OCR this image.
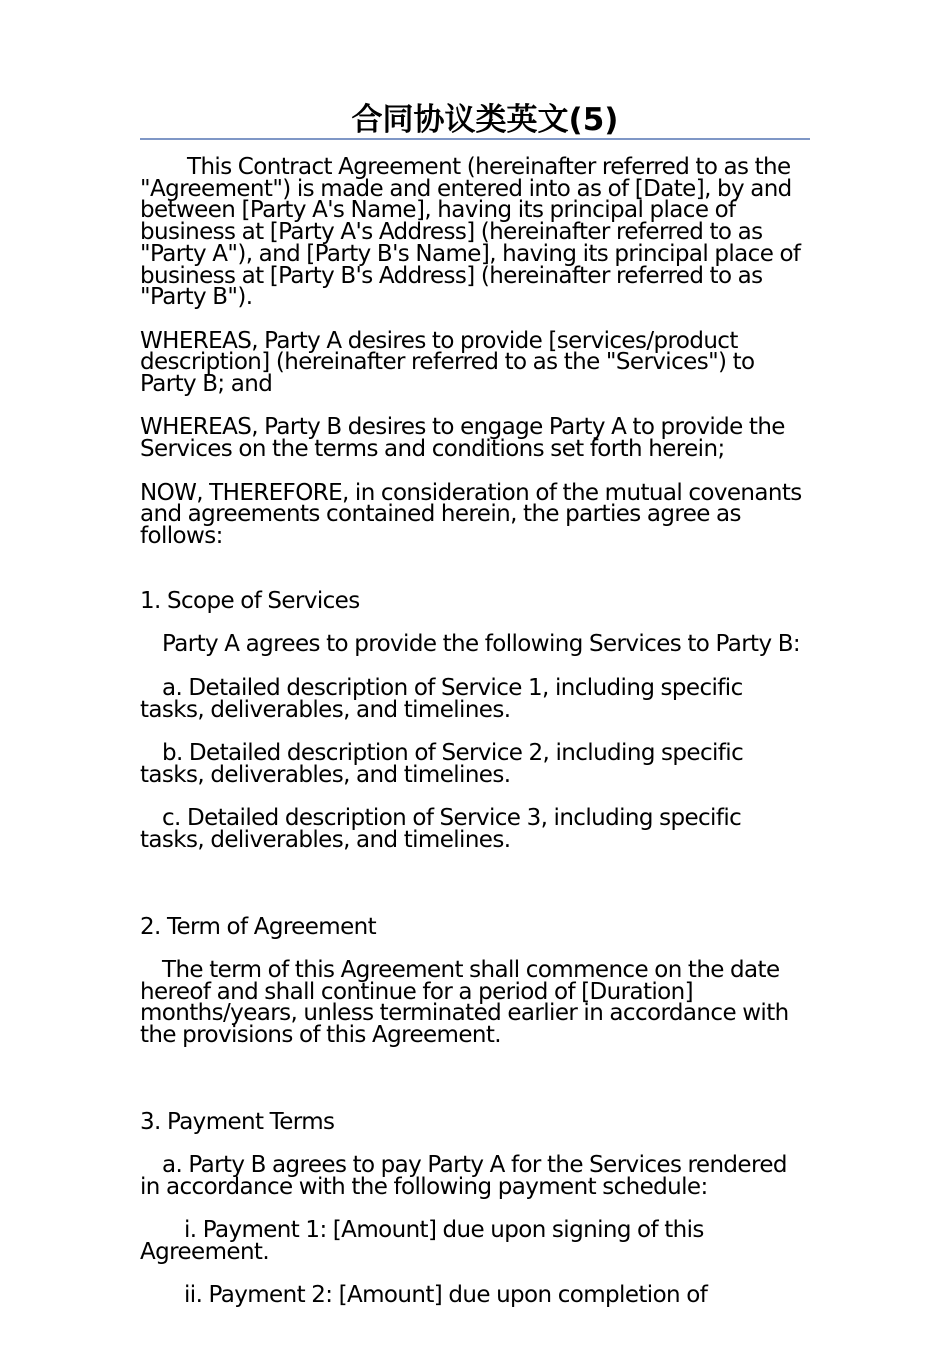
合同协议类英文(5)

This Contract Agreement (hereinafter referred to as the "Agreement") is made and entered into as of [Date], by and between [Party A's Name], having its principal place of business at [Party A's Address] (hereinafter referred to as "Party A"), and [Party B's Name], having its principal place of business at [Party B's Address] (hereinafter referred to as "Party B").

WHEREAS, Party A desires to provide [services/product description] (hereinafter referred to as the "Services") to Party B; and

WHEREAS, Party B desires to engage Party A to provide the Services on the terms and conditions set forth herein;

NOW, THEREFORE, in consideration of the mutual covenants and agreements contained herein, the parties agree as follows:

1. Scope of Services

Party A agrees to provide the following Services to Party B:

a. Detailed description of Service 1, including specific tasks, deliverables, and timelines.

b. Detailed description of Service 2, including specific tasks, deliverables, and timelines.

c. Detailed description of Service 3, including specific tasks, deliverables, and timelines.

2. Term of Agreement

The term of this Agreement shall commence on the date hereof and shall continue for a period of [Duration] months/years, unless terminated earlier in accordance with the provisions of this Agreement.

3. Payment Terms

a. Party B agrees to pay Party A for the Services rendered in accordance with the following payment schedule:

i. Payment 1: [Amount] due upon signing of this Agreement.

ii. Payment 2: [Amount] due upon completion of
